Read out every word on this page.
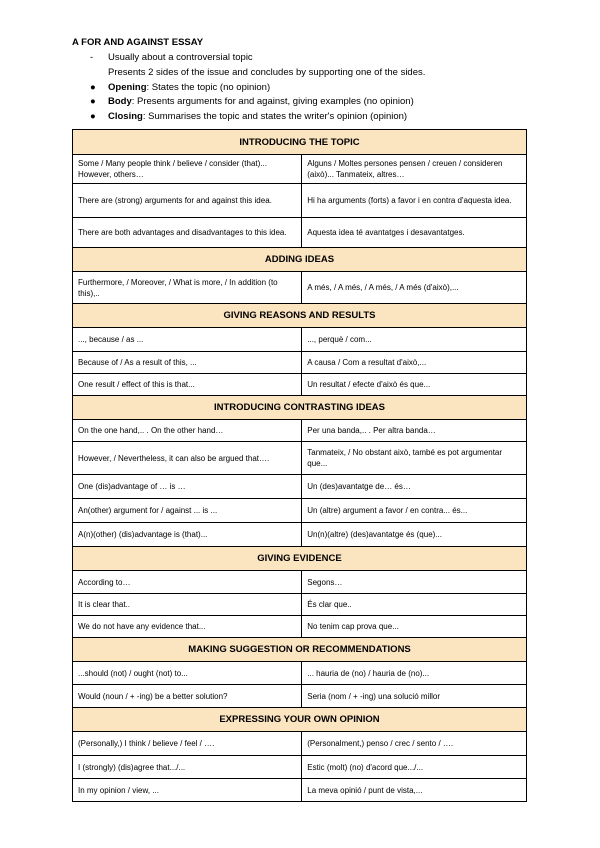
A FOR AND AGAINST ESSAY
- Usually about a controversial topic
Presents 2 sides of the issue and concludes by supporting one of the sides.
● Opening: States the topic (no opinion)
● Body: Presents arguments for and against, giving examples (no opinion)
● Closing: Summarises the topic and states the writer's opinion (opinion)
INTRODUCING THE TOPIC	
Some / Many people think / believe / consider (that)... However, others…	Alguns / Moltes persones pensen / creuen / consideren (això)... Tanmateix, altres…
There are (strong) arguments for and against this idea.	Hi ha arguments (forts) a favor i en contra d'aquesta idea.
There are both advantages and disadvantages to this idea.	Aquesta idea té avantatges i desavantatges.
ADDING IDEAS	
Furthermore, / Moreover, / What is more, / In addition (to this),..	A més, / A més, / A més, / A més (d'això),...
GIVING REASONS AND RESULTS	
..., because / as ...	..., perquè / com...
Because of / As a result of this, ...	A causa / Com a resultat d'això,...
One result / effect of this is that...	Un resultat / efecte d'això és que...
INTRODUCING CONTRASTING IDEAS	
On the one hand,.. . On the other hand…	Per una banda,.. . Per altra banda…
However, / Nevertheless, it can also be argued that….	Tanmateix, / No obstant això, també es pot argumentar que...
One (dis)advantage of … is …	Un (des)avantatge de… és…
An(other) argument for / against ... is ...	Un (altre) argument a favor / en contra... és...
A(n)(other) (dis)advantage is (that)...	Un(n)(altre) (des)avantatge és (que)...
GIVING EVIDENCE	
According to…	Segons…
It is clear that..	És clar que..
We do not have any evidence that...	No tenim cap prova que...
MAKING SUGGESTION OR RECOMMENDATIONS	
...should (not) / ought (not) to...	... hauria de (no) / hauria de (no)...
Would (noun / + -ing) be a better solution?	Seria (nom / + -ing) una solució millor
EXPRESSING YOUR OWN OPINION	
(Personally,) I think / believe / feel / ….	(Personalment,) penso / crec / sento / ….
I (strongly) (dis)agree that.../...	Estic (molt) (no) d'acord que.../...
In my opinion / view, ...	La meva opinió / punt de vista,...
